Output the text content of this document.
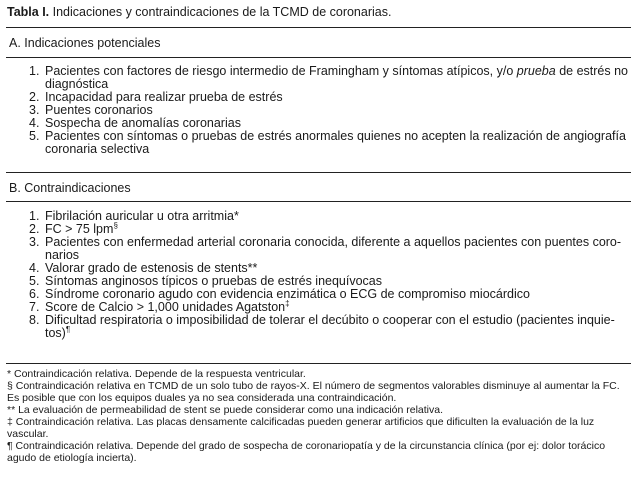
Tabla I. Indicaciones y contraindicaciones de la TCMD de coronarias.
A. Indicaciones potenciales
1. Pacientes con factores de riesgo intermedio de Framingham y síntomas atípicos, y/o prueba de estrés no
diagnóstica
2. Incapacidad para realizar prueba de estrés
3. Puentes coronarios
4. Sospecha de anomalías coronarias
5. Pacientes con síntomas o pruebas de estrés anormales quienes no acepten la realización de angiografía
coronaria selectiva
B. Contraindicaciones
1. Fibrilación auricular u otra arritmia*
2. FC > 75 lpm§
3. Pacientes con enfermedad arterial coronaria conocida, diferente a aquellos pacientes con puentes coro-
narios
4. Valorar grado de estenosis de stents**
5. Síntomas anginosos típicos o pruebas de estrés inequívocas
6. Síndrome coronario agudo con evidencia enzimática o ECG de compromiso miocárdico
7. Score de Calcio > 1,000 unidades Agatston‡
8. Dificultad respiratoria o imposibilidad de tolerar el decúbito o cooperar con el estudio (pacientes inquie-
tos)¶
* Contraindicación relativa. Depende de la respuesta ventricular.
§ Contraindicación relativa en TCMD de un solo tubo de rayos-X. El número de segmentos valorables disminuye al aumentar la FC. Es posible que con los equipos duales ya no sea considerada una contraindicación.
** La evaluación de permeabilidad de stent se puede considerar como una indicación relativa.
‡ Contraindicación relativa. Las placas densamente calcificadas pueden generar artificios que dificulten la evaluación de la luz vascular.
¶ Contraindicación relativa. Depende del grado de sospecha de coronariopatía y de la circunstancia clínica (por ej: dolor torácico agudo de etiología incierta).
